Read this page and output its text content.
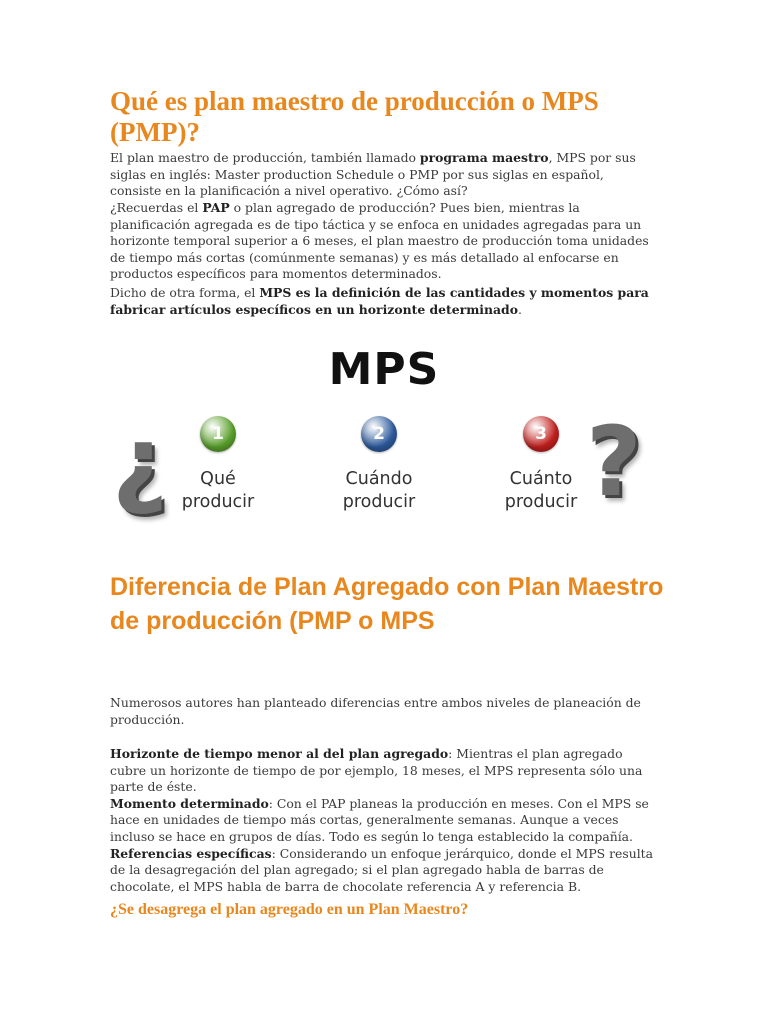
Qué es plan maestro de producción o MPS (PMP)?

El plan maestro de producción, también llamado programa maestro, MPS por sus siglas en inglés: Master production Schedule o PMP por sus siglas en español, consiste en la planificación a nivel operativo. ¿Cómo así?

¿Recuerdas el PAP o plan agregado de producción? Pues bien, mientras la planificación agregada es de tipo táctica y se enfoca en unidades agregadas para un horizonte temporal superior a 6 meses, el plan maestro de producción toma unidades de tiempo más cortas (comúnmente semanas) y es más detallado al enfocarse en productos específicos para momentos determinados.

Dicho de otra forma, el MPS es la definición de las cantidades y momentos para fabricar artículos específicos en un horizonte determinado.

MPS
¿	?
1
Qué
producir
2
Cuándo
producir
3
Cuánto
producir
Diferencia de Plan Agregado con Plan Maestro de producción (PMP o MPS

Numerosos autores han planteado diferencias entre ambos niveles de planeación de producción.

Horizonte de tiempo menor al del plan agregado: Mientras el plan agregado cubre un horizonte de tiempo de por ejemplo, 18 meses, el MPS representa sólo una parte de éste.
Momento determinado: Con el PAP planeas la producción en meses. Con el MPS se hace en unidades de tiempo más cortas, generalmente semanas. Aunque a veces incluso se hace en grupos de días. Todo es según lo tenga establecido la compañía.
Referencias específicas: Considerando un enfoque jerárquico, donde el MPS resulta de la desagregación del plan agregado; si el plan agregado habla de barras de chocolate, el MPS habla de barra de chocolate referencia A y referencia B.

¿Se desagrega el plan agregado en un Plan Maestro?
